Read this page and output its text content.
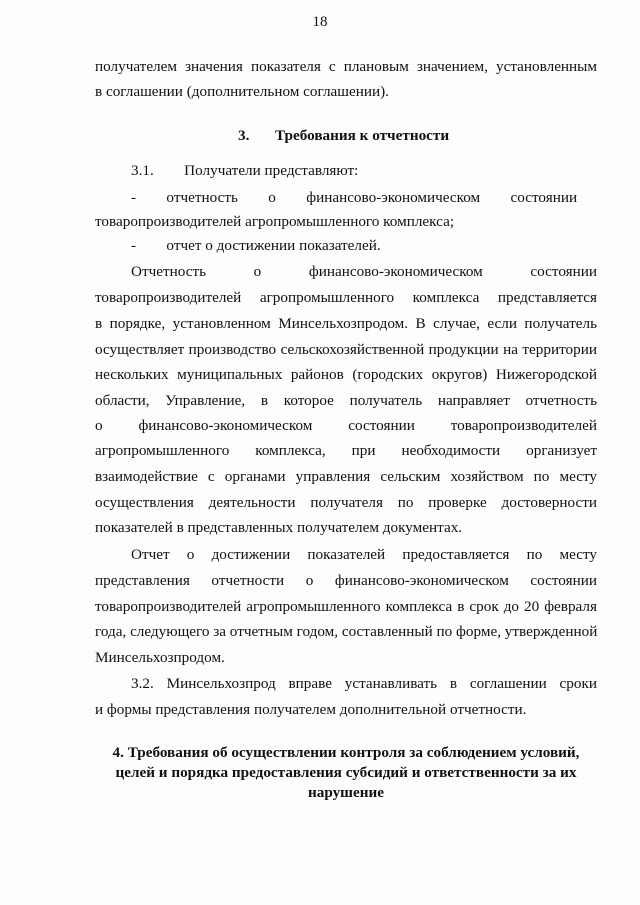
18
получателем значения показателя с плановым значением, установленным
в соглашении (дополнительном соглашении).
3. Требования к отчетности
3.1.  Получатели представляют:
-  отчетность  о  финансово-экономическом  состоянии
товаропроизводителей агропромышленного комплекса;
-  отчет о достижении показателей.
Отчетность о финансово-экономическом состоянии
товаропроизводителей агропромышленного комплекса представляется
в порядке, установленном Минсельхозпродом. В случае, если получатель
осуществляет производство сельскохозяйственной продукции на территории
нескольких муниципальных районов (городских округов) Нижегородской
области, Управление, в которое получатель направляет отчетность
о финансово-экономическом состоянии товаропроизводителей
агропромышленного комплекса, при необходимости организует
взаимодействие с органами управления сельским хозяйством по месту
осуществления деятельности получателя по проверке достоверности
показателей в представленных получателем документах.
Отчет о достижении показателей предоставляется по месту
представления отчетности о финансово-экономическом состоянии
товаропроизводителей агропромышленного комплекса в срок до 20 февраля
года, следующего за отчетным годом, составленный по форме, утвержденной
Минсельхозпродом.
3.2. Минсельхозпрод вправе устанавливать в соглашении сроки
и формы представления получателем дополнительной отчетности.
4. Требования об осуществлении контроля за соблюдением условий,
целей и порядка предоставления субсидий и ответственности за их
нарушение
